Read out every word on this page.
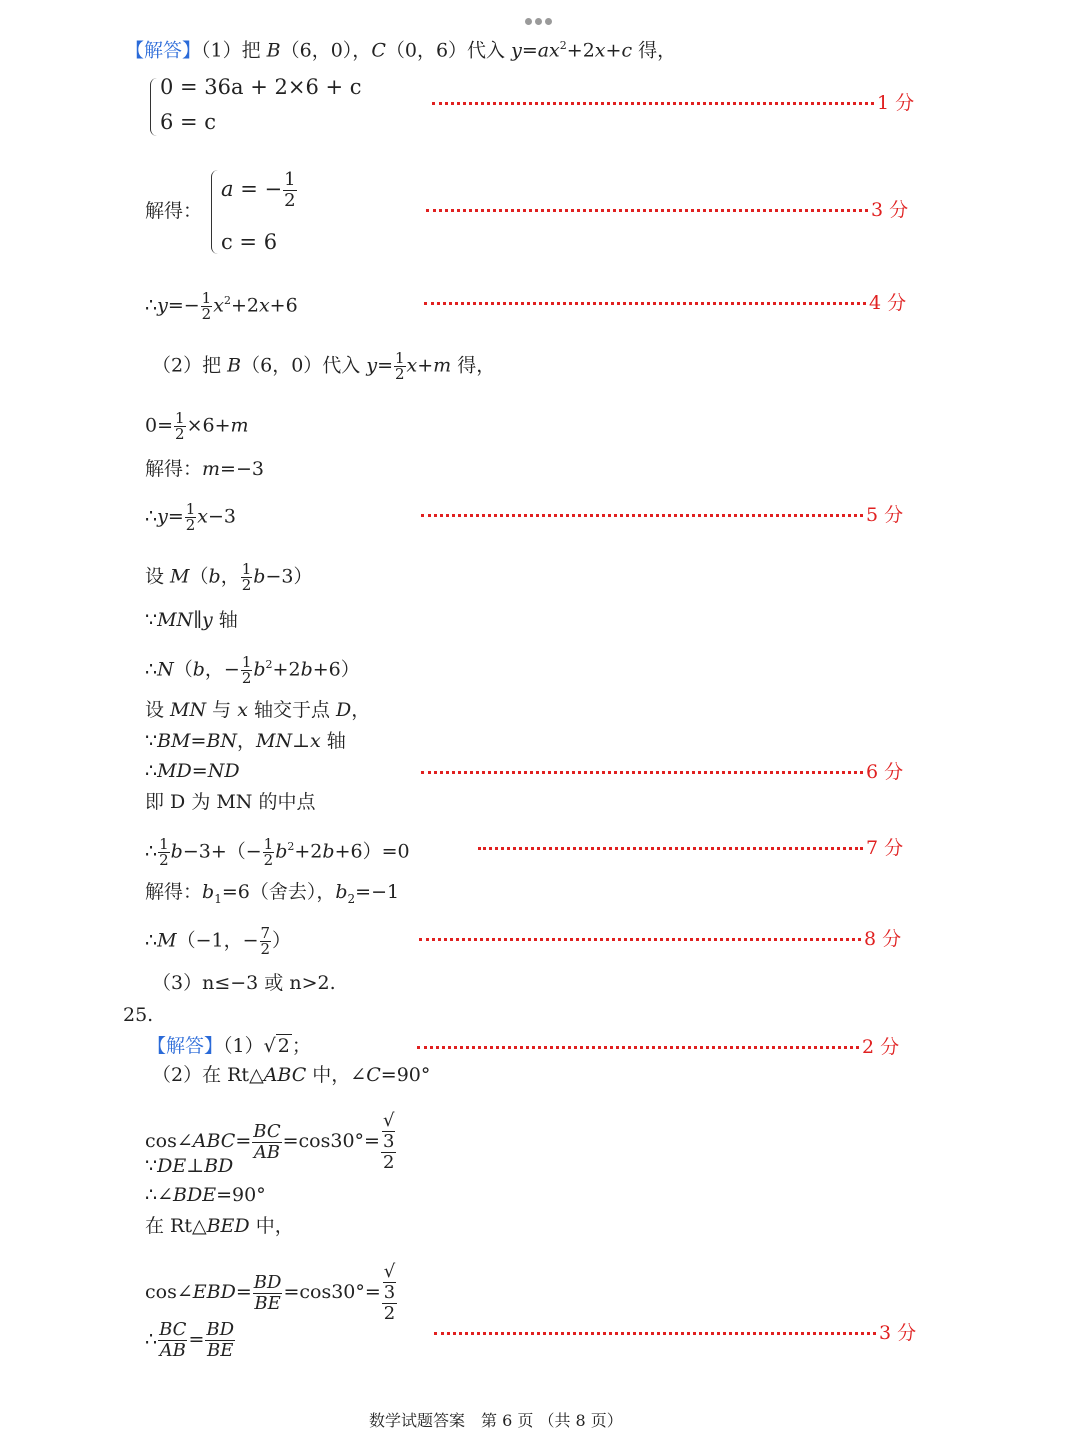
【解答】（1）把 B（6，0），C（0，6）代入 $y=ax^2+2x+c$ 得，
0 = 36a + 2×6 + c
6 = c
1 分
解得：
a = − $\frac{1}{2}$
c = 6
3 分
∴y=− $\frac{1}{2} x^2+2x+6$	4 分
（2）把 B（6，0）代入 $y= \frac{1}{2} x+m$ 得，
$0= \frac{1}{2} \times 6+m$
解得：m=−3
∴y= $\frac{1}{2} x-3$	5 分
设 M（b， $\frac{1}{2} b-3$）
∵MN∥y 轴
∴N（b，− $\frac{1}{2} b^2+2b+6$）
设 MN 与 x 轴交于点 D，
∵BM=BN，MN⊥x 轴
∴MD=ND	6 分
即 D 为 MN 的中点
∴ $\frac{1}{2} b-3+(- \frac{1}{2} b^2+2b+6)=0$	7 分
解得：$b_1=6$（舍去），$b_2=-1$
∴M（−1，− $\frac{7}{2}$ ）	8 分
（3）n≤−3 或 n>2.
25.
【解答】（1）√ 2 ；	2 分
（2）在 Rt△ABC 中，∠C=90°
cos∠ABC= $\frac{BC}{AB} =\cos 30^\circ=$ √
3
2
∵DE⊥BD
∴∠BDE=90°
在 Rt△BED 中，
cos∠EBD= $\frac{BD}{BE} =\cos 30^\circ=$ √
3
2
∴ $\frac{BC}{AB} = \frac{BD}{BE}$	3 分
数学试题答案　第 6 页 （共 8 页）
